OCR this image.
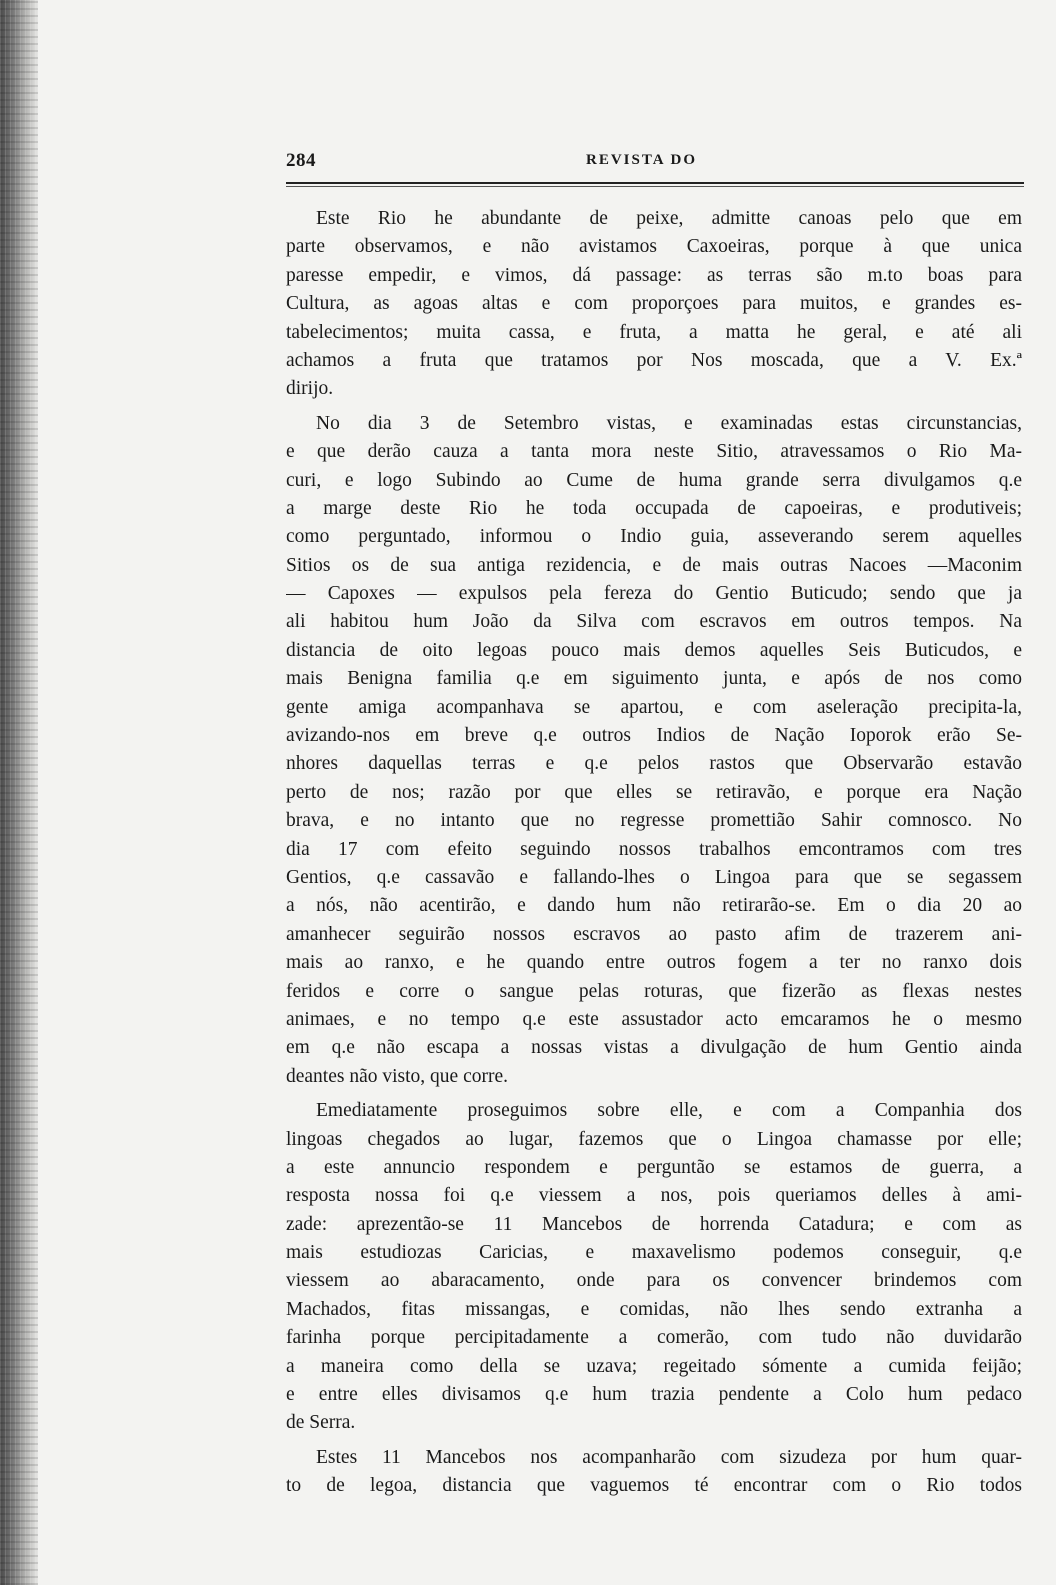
284	REVISTA DO
Este Rio he abundante de peixe, admitte canoas pelo que em
parte observamos, e não avistamos Caxoeiras, porque à que unica
paresse empedir, e vimos, dá passage: as terras são m.to boas para
Cultura, as agoas altas e com proporçoes para muitos, e grandes es-
tabelecimentos; muita cassa, e fruta, a matta he geral, e até ali
achamos a fruta que tratamos por Nos moscada, que a V. Ex.ª
dirijo.
No dia 3 de Setembro vistas, e examinadas estas circunstancias,
e que derão cauza a tanta mora neste Sitio, atravessamos o Rio Ma-
curi, e logo Subindo ao Cume de huma grande serra divulgamos q.e
a marge deste Rio he toda occupada de capoeiras, e produtiveis;
como perguntado, informou o Indio guia, asseverando serem aquelles
Sitios os de sua antiga rezidencia, e de mais outras Nacoes —Maconim
— Capoxes — expulsos pela fereza do Gentio Buticudo; sendo que ja
ali habitou hum João da Silva com escravos em outros tempos. Na
distancia de oito legoas pouco mais demos aquelles Seis Buticudos, e
mais Benigna familia q.e em siguimento junta, e após de nos como
gente amiga acompanhava se apartou, e com aseleração precipita-la,
avizando-nos em breve q.e outros Indios de Nação Ioporok erão Se-
nhores daquellas terras e q.e pelos rastos que Observarão estavão
perto de nos; razão por que elles se retiravão, e porque era Nação
brava, e no intanto que no regresse promettião Sahir comnosco. No
dia 17 com efeito seguindo nossos trabalhos emcontramos com tres
Gentios, q.e cassavão e fallando-lhes o Lingoa para que se segassem
a nós, não acentirão, e dando hum não retirarão-se. Em o dia 20 ao
amanhecer seguirão nossos escravos ao pasto afim de trazerem ani-
mais ao ranxo, e he quando entre outros fogem a ter no ranxo dois
feridos e corre o sangue pelas roturas, que fizerão as flexas nestes
animaes, e no tempo q.e este assustador acto emcaramos he o mesmo
em q.e não escapa a nossas vistas a divulgação de hum Gentio ainda
deantes não visto, que corre.
Emediatamente proseguimos sobre elle, e com a Companhia dos
lingoas chegados ao lugar, fazemos que o Lingoa chamasse por elle;
a este annuncio respondem e perguntão se estamos de guerra, a
resposta nossa foi q.e viessem a nos, pois queriamos delles à ami-
zade: aprezentão-se 11 Mancebos de horrenda Catadura; e com as
mais estudiozas Caricias, e maxavelismo podemos conseguir, q.e
viessem ao abaracamento, onde para os convencer brindemos com
Machados, fitas missangas, e comidas, não lhes sendo extranha a
farinha porque percipitadamente a comerão, com tudo não duvidarão
a maneira como della se uzava; regeitado sómente a cumida feijão;
e entre elles divisamos q.e hum trazia pendente a Colo hum pedaco
de Serra.
Estes 11 Mancebos nos acompanharão com sizudeza por hum quar-
to de legoa, distancia que vaguemos té encontrar com o Rio todos
